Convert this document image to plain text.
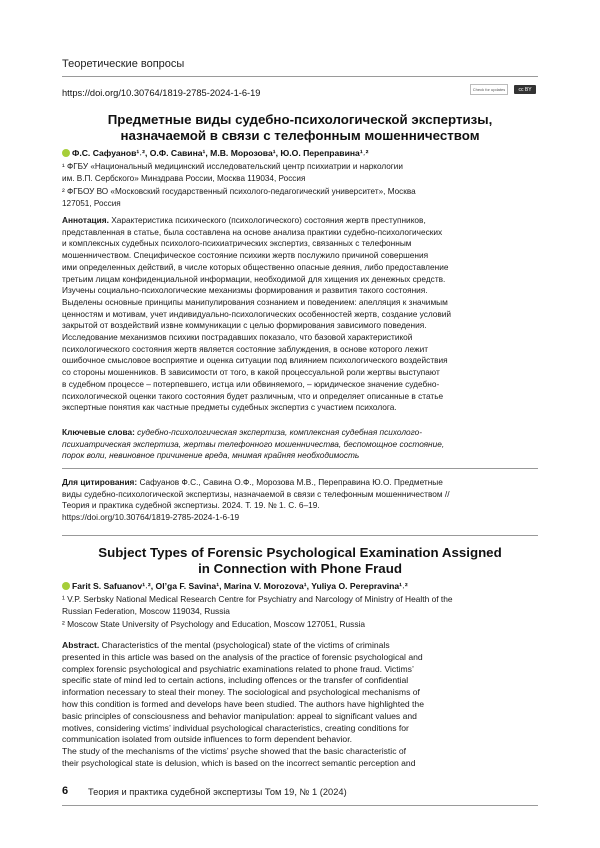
Теоретические вопросы
https://doi.org/10.30764/1819-2785-2024-1-6-19	Check for updates	cc BY
Предметные виды судебно-психологической экспертизы,
назначаемой в связи с телефонным мошенничеством
Ф.С. Сафуанов¹˒², О.Ф. Савина¹, М.В. Морозова¹, Ю.О. Переправина¹˒²
¹ ФГБУ «Национальный медицинский исследовательский центр психиатрии и наркологии
им. В.П. Сербского» Минздрава России, Москва 119034, Россия
² ФГБОУ ВО «Московский государственный психолого-педагогический университет», Москва
127051, Россия
Аннотация. Характеристика психического (психологического) состояния жертв преступников,
представленная в статье, была составлена на основе анализа практики судебно-психологических
и комплексных судебных психолого-психиатрических экспертиз, связанных с телефонным
мошенничеством. Специфическое состояние психики жертв послужило причиной совершения
ими определенных действий, в числе которых общественно опасные деяния, либо предоставление
третьим лицам конфиденциальной информации, необходимой для хищения их денежных средств.
Изучены социально-психологические механизмы формирования и развития такого состояния.
Выделены основные принципы манипулирования сознанием и поведением: апелляция к значимым
ценностям и мотивам, учет индивидуально-психологических особенностей жертв, создание условий
закрытой от воздействий извне коммуникации с целью формирования зависимого поведения.
Исследование механизмов психики пострадавших показало, что базовой характеристикой
психологического состояния жертв является состояние заблуждения, в основе которого лежит
ошибочное смысловое восприятие и оценка ситуации под влиянием психологического воздействия
со стороны мошенников. В зависимости от того, в какой процессуальной роли жертвы выступают
в судебном процессе – потерпевшего, истца или обвиняемого, – юридическое значение судебно-
психологической оценки такого состояния будет различным, что и определяет описанные в статье
экспертные понятия как частные предметы судебных экспертиз с участием психолога.
Ключевые слова: судебно-психологическая экспертиза, комплексная судебная психолого-
психиатрическая экспертиза, жертвы телефонного мошенничества, беспомощное состояние,
порок воли, невиновное причинение вреда, мнимая крайняя необходимость
Для цитирования: Сафуанов Ф.С., Савина О.Ф., Морозова М.В., Переправина Ю.О. Предметные
виды судебно-психологической экспертизы, назначаемой в связи с телефонным мошенничеством //
Теория и практика судебной экспертизы. 2024. Т. 19. № 1. С. 6–19.
https://doi.org/10.30764/1819-2785-2024-1-6-19
Subject Types of Forensic Psychological Examination Assigned
in Connection with Phone Fraud
Farit S. Safuanov¹˒², Ol’ga F. Savina¹, Marina V. Morozova¹, Yuliya O. Perepravina¹˒²
¹ V.P. Serbsky National Medical Research Centre for Psychiatry and Narcology of Ministry of Health of the
Russian Federation, Moscow 119034, Russia
² Moscow State University of Psychology and Education, Moscow 127051, Russia
Abstract. Characteristics of the mental (psychological) state of the victims of criminals
presented in this article was based on the analysis of the practice of forensic psychological and
complex forensic psychological and psychiatric examinations related to phone fraud. Victims’
specific state of mind led to certain actions, including offences or the transfer of confidential
information necessary to steal their money. The sociological and psychological mechanisms of
how this condition is formed and develops have been studied. The authors have highlighted the
basic principles of consciousness and behavior manipulation: appeal to significant values and
motives, considering victims’ individual psychological characteristics, creating conditions for
communication isolated from outside influences to form dependent behavior.
The study of the mechanisms of the victims’ psyche showed that the basic characteristic of
their psychological state is delusion, which is based on the incorrect semantic perception and
6 Теория и практика судебной экспертизы Том 19, № 1 (2024)
